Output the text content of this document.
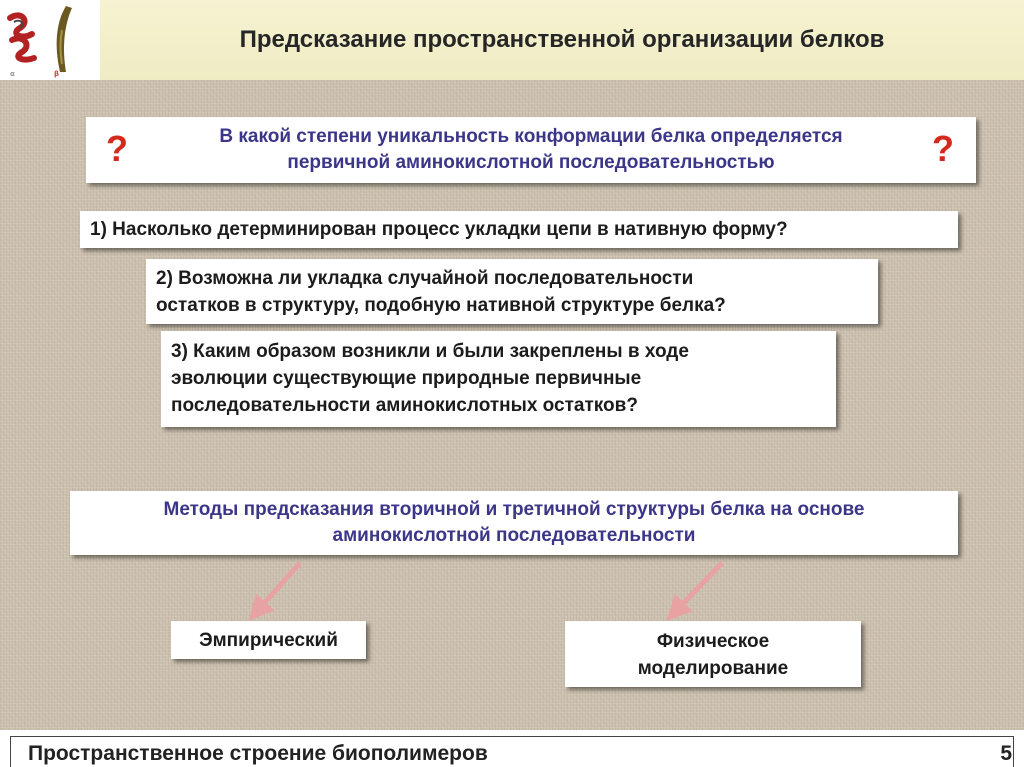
α	β
Предсказание пространственной организации белков
?	?
В какой степени уникальность конформации белка определяется
первичной аминокислотной последовательностью
1) Насколько детерминирован процесс укладки цепи в нативную форму?
2) Возможна ли укладка случайной последовательности
остатков в структуру, подобную нативной структуре белка?
3) Каким образом возникли и были закреплены в ходе
эволюции существующие природные первичные
последовательности аминокислотных остатков?
Методы предсказания вторичной и третичной структуры белка на основе
аминокислотной последовательности
Эмпирический	Физическое
моделирование
Пространственное строение биополимеров	5
